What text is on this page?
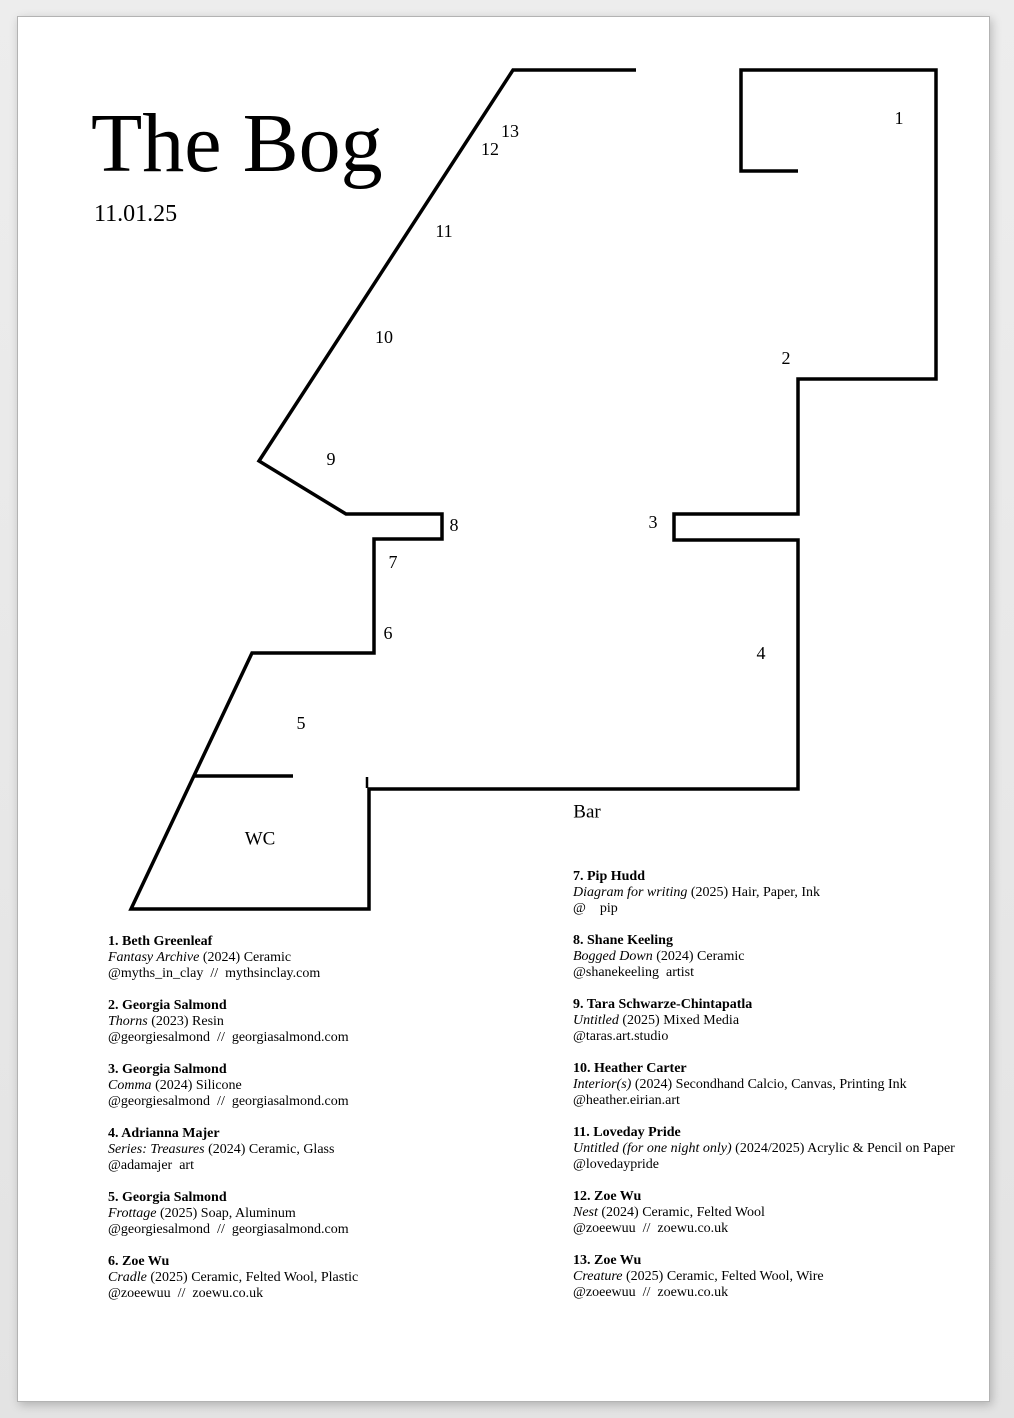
The Bog
11.01.25
1
2
3
4
5
6
7
8
9
10
11
12
13
WC
Bar
1. Beth Greenleaf
Fantasy Archive (2024) Ceramic
@myths_in_clay  //  mythsinclay.com
2. Georgia Salmond
Thorns (2023) Resin
@georgiesalmond  //  georgiasalmond.com
3. Georgia Salmond
Comma (2024) Silicone
@georgiesalmond  //  georgiasalmond.com
4. Adrianna Majer
Series: Treasures (2024) Ceramic, Glass
@adamajer  art
5. Georgia Salmond
Frottage (2025) Soap, Aluminum
@georgiesalmond  //  georgiasalmond.com
6. Zoe Wu
Cradle (2025) Ceramic, Felted Wool, Plastic
@zoeewuu  //  zoewu.co.uk
7. Pip Hudd
Diagram for writing (2025) Hair, Paper, Ink
@    pip
8. Shane Keeling
Bogged Down (2024) Ceramic
@shanekeeling  artist
9. Tara Schwarze-Chintapatla
Untitled (2025) Mixed Media
@taras.art.studio
10. Heather Carter
Interior(s) (2024) Secondhand Calcio, Canvas, Printing Ink
@heather.eirian.art
11. Loveday Pride
Untitled (for one night only) (2024/2025) Acrylic & Pencil on Paper
@lovedaypride
12. Zoe Wu
Nest (2024) Ceramic, Felted Wool
@zoeewuu  //  zoewu.co.uk
13. Zoe Wu
Creature (2025) Ceramic, Felted Wool, Wire
@zoeewuu  //  zoewu.co.uk
